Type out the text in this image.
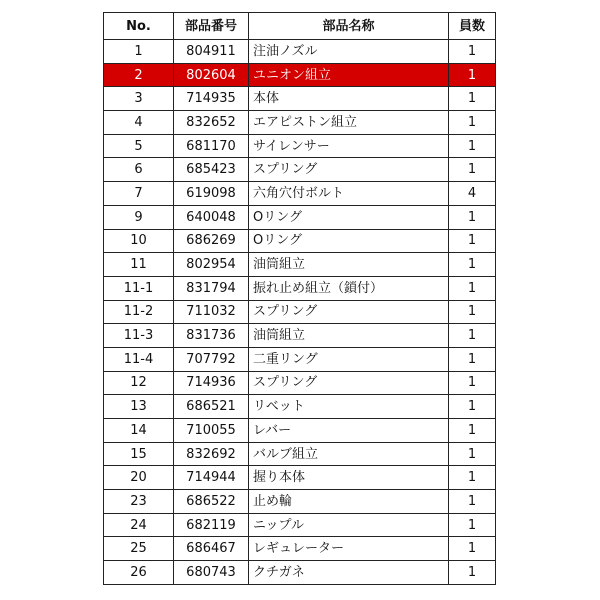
No.	部品番号	部品名称	員数
1	804911	注油ノズル	1
2	802604	ユニオン組立	1
3	714935	本体	1
4	832652	エアピストン組立	1
5	681170	サイレンサー	1
6	685423	スプリング	1
7	619098	六角穴付ボルト	4
9	640048	Oリング	1
10	686269	Oリング	1
11	802954	油筒組立	1
11-1	831794	振れ止め組立（鎖付）	1
11-2	711032	スプリング	1
11-3	831736	油筒組立	1
11-4	707792	二重リング	1
12	714936	スプリング	1
13	686521	リベット	1
14	710055	レバー	1
15	832692	バルブ組立	1
20	714944	握り本体	1
23	686522	止め輪	1
24	682119	ニップル	1
25	686467	レギュレーター	1
26	680743	クチガネ	1
